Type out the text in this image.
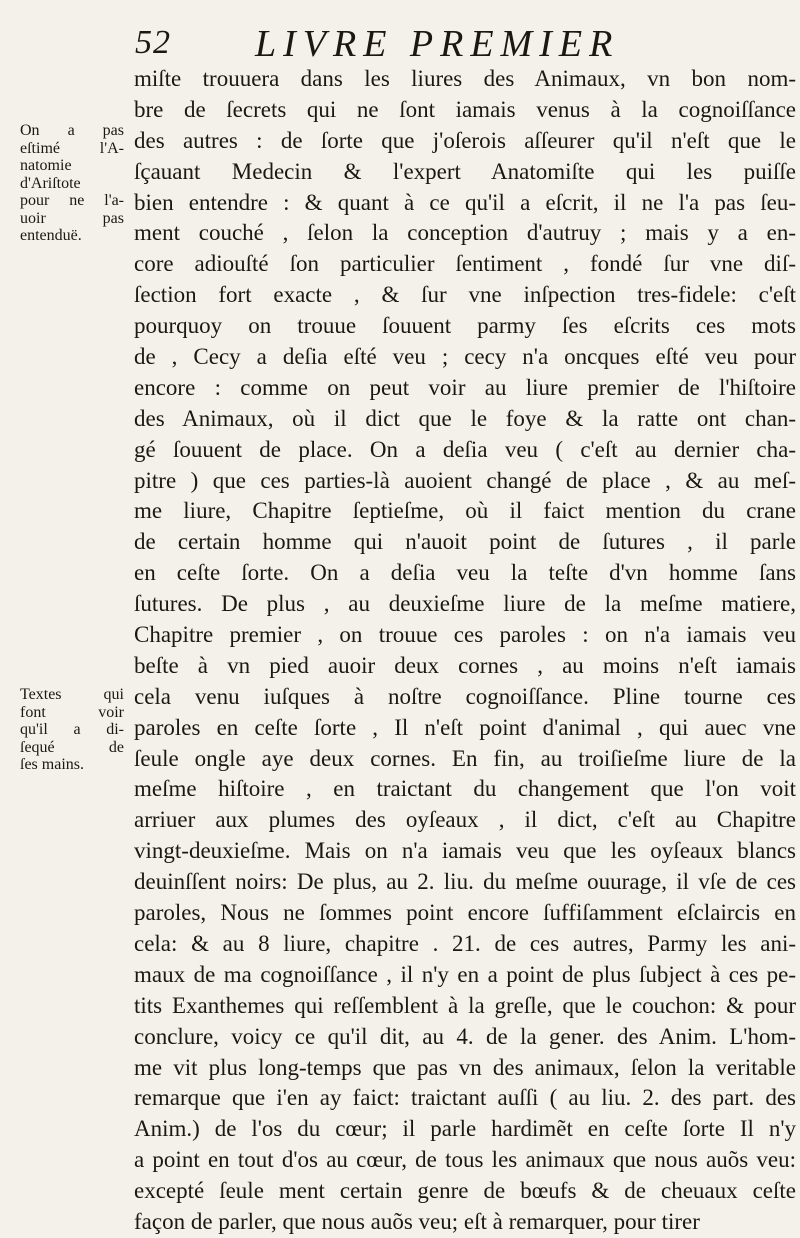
52 LIVRE PREMIER
On a pas
eſtimé l'A-
natomie
d'Ariſtote
pour ne l'a-
uoir pas
entenduë.
Textes qui
font voir
qu'il a di-
ſequé de
ſes mains.
miſte trouuera dans les liures des Animaux, vn bon nom-
bre de ſecrets qui ne ſont iamais venus à la cognoiſſance
des autres : de ſorte que j'oſerois aſſeurer qu'il n'eſt que le
ſçauant Medecin & l'expert Anatomiſte qui les puiſſe
bien entendre : & quant à ce qu'il a eſcrit, il ne l'a pas ſeu-
ment couché , ſelon la conception d'autruy ; mais y a en-
core adiouſté ſon particulier ſentiment , fondé ſur vne diſ-
ſection fort exacte , & ſur vne inſpection tres-fidele: c'eſt
pourquoy on trouue ſouuent parmy ſes eſcrits ces mots
de , Cecy a deſia eſté veu ; cecy n'a oncques eſté veu pour
encore : comme on peut voir au liure premier de l'hiſtoire
des Animaux, où il dict que le foye & la ratte ont chan-
gé ſouuent de place. On a deſia veu ( c'eſt au dernier cha-
pitre ) que ces parties-là auoient changé de place , & au meſ-
me liure, Chapitre ſeptieſme, où il faict mention du crane
de certain homme qui n'auoit point de ſutures , il parle
en ceſte ſorte. On a deſia veu la teſte d'vn homme ſans
ſutures. De plus , au deuxieſme liure de la meſme matiere,
Chapitre premier , on trouue ces paroles : on n'a iamais veu
beſte à vn pied auoir deux cornes , au moins n'eſt iamais
cela venu iuſques à noſtre cognoiſſance. Pline tourne ces
paroles en ceſte ſorte , Il n'eſt point d'animal , qui auec vne
ſeule ongle aye deux cornes. En fin, au troiſieſme liure de la
meſme hiſtoire , en traictant du changement que l'on voit
arriuer aux plumes des oyſeaux , il dict, c'eſt au Chapitre
vingt-deuxieſme. Mais on n'a iamais veu que les oyſeaux blancs
deuinſſent noirs: De plus, au 2. liu. du meſme ouurage, il vſe de ces
paroles, Nous ne ſommes point encore ſuffiſamment eſclaircis en
cela: & au 8 liure, chapitre . 21. de ces autres, Parmy les ani-
maux de ma cognoiſſance , il n'y en a point de plus ſubject à ces pe-
tits Exanthemes qui reſſemblent à la greſle, que le couchon: & pour
conclure, voicy ce qu'il dit, au 4. de la gener. des Anim. L'hom-
me vit plus long-temps que pas vn des animaux, ſelon la veritable
remarque que i'en ay faict: traictant auſſi ( au liu. 2. des part. des
Anim.) de l'os du cœur; il parle hardimẽt en ceſte ſorte Il n'y
a point en tout d'os au cœur, de tous les animaux que nous auõs veu:
excepté ſeule ment certain genre de bœufs & de cheuaux ceſte
façon de parler, que nous auõs veu; eſt à remarquer, pour tirer
